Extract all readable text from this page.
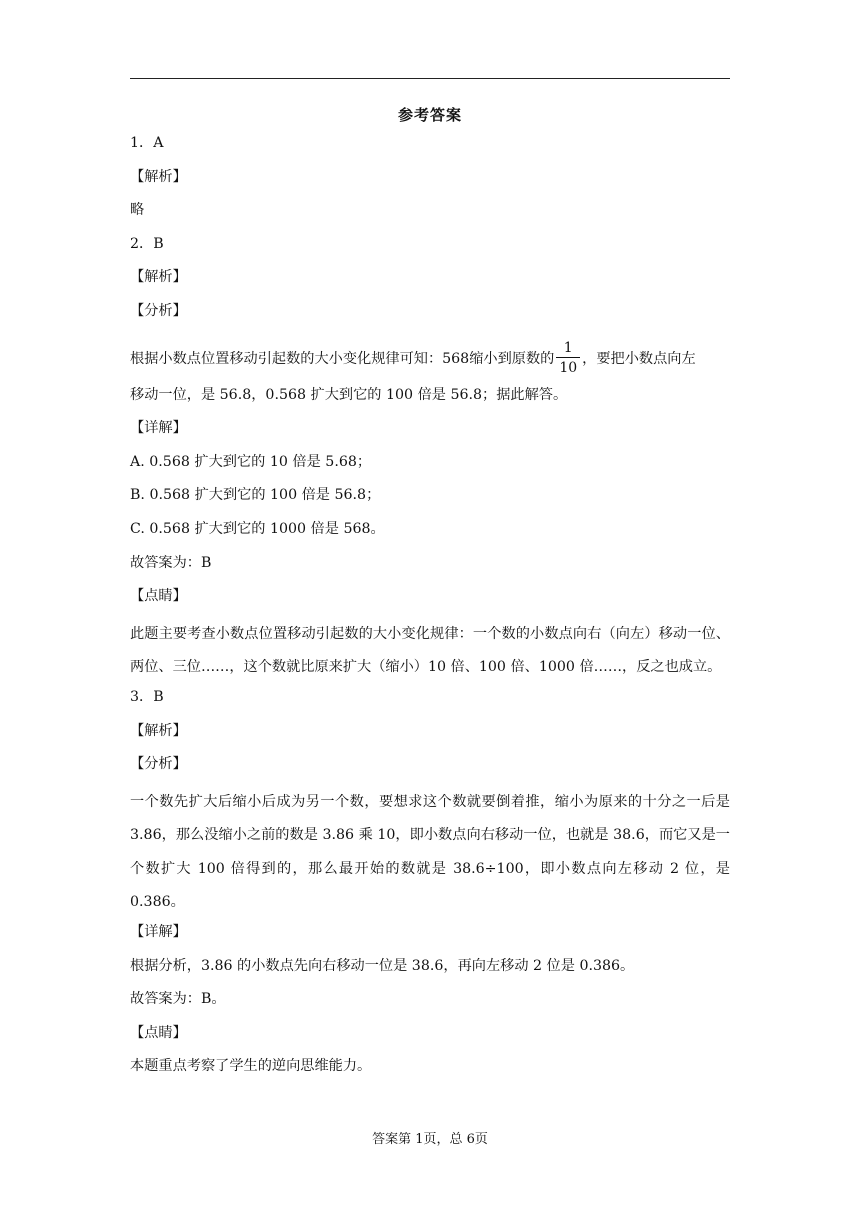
参考答案
1．A
【解析】
略
2．B
【解析】
【分析】
根据小数点位置移动引起数的大小变化规律可知：568缩小到原数的 $\frac{1}{10}$ ，要把小数点向左
移动一位，是 56.8，0.568 扩大到它的 100 倍是 56.8；据此解答。
【详解】
A. 0.568 扩大到它的 10 倍是 5.68；
B. 0.568 扩大到它的 100 倍是 56.8；
C. 0.568 扩大到它的 1000 倍是 568。
故答案为：B
【点睛】
此题主要考查小数点位置移动引起数的大小变化规律：一个数的小数点向右（向左）移动一位、两位、三位……，这个数就比原来扩大（缩小）10 倍、100 倍、1000 倍……，反之也成立。
3．B
【解析】
【分析】
一个数先扩大后缩小后成为另一个数，要想求这个数就要倒着推，缩小为原来的十分之一后是 3.86，那么没缩小之前的数是 3.86 乘 10，即小数点向右移动一位，也就是 38.6，而它又是一个数扩大 100 倍得到的，那么最开始的数就是 38.6÷100，即小数点向左移动 2 位，是 0.386。
【详解】
根据分析，3.86 的小数点先向右移动一位是 38.6，再向左移动 2 位是 0.386。
故答案为：B。
【点睛】
本题重点考察了学生的逆向思维能力。
答案第 1页，总 6页
